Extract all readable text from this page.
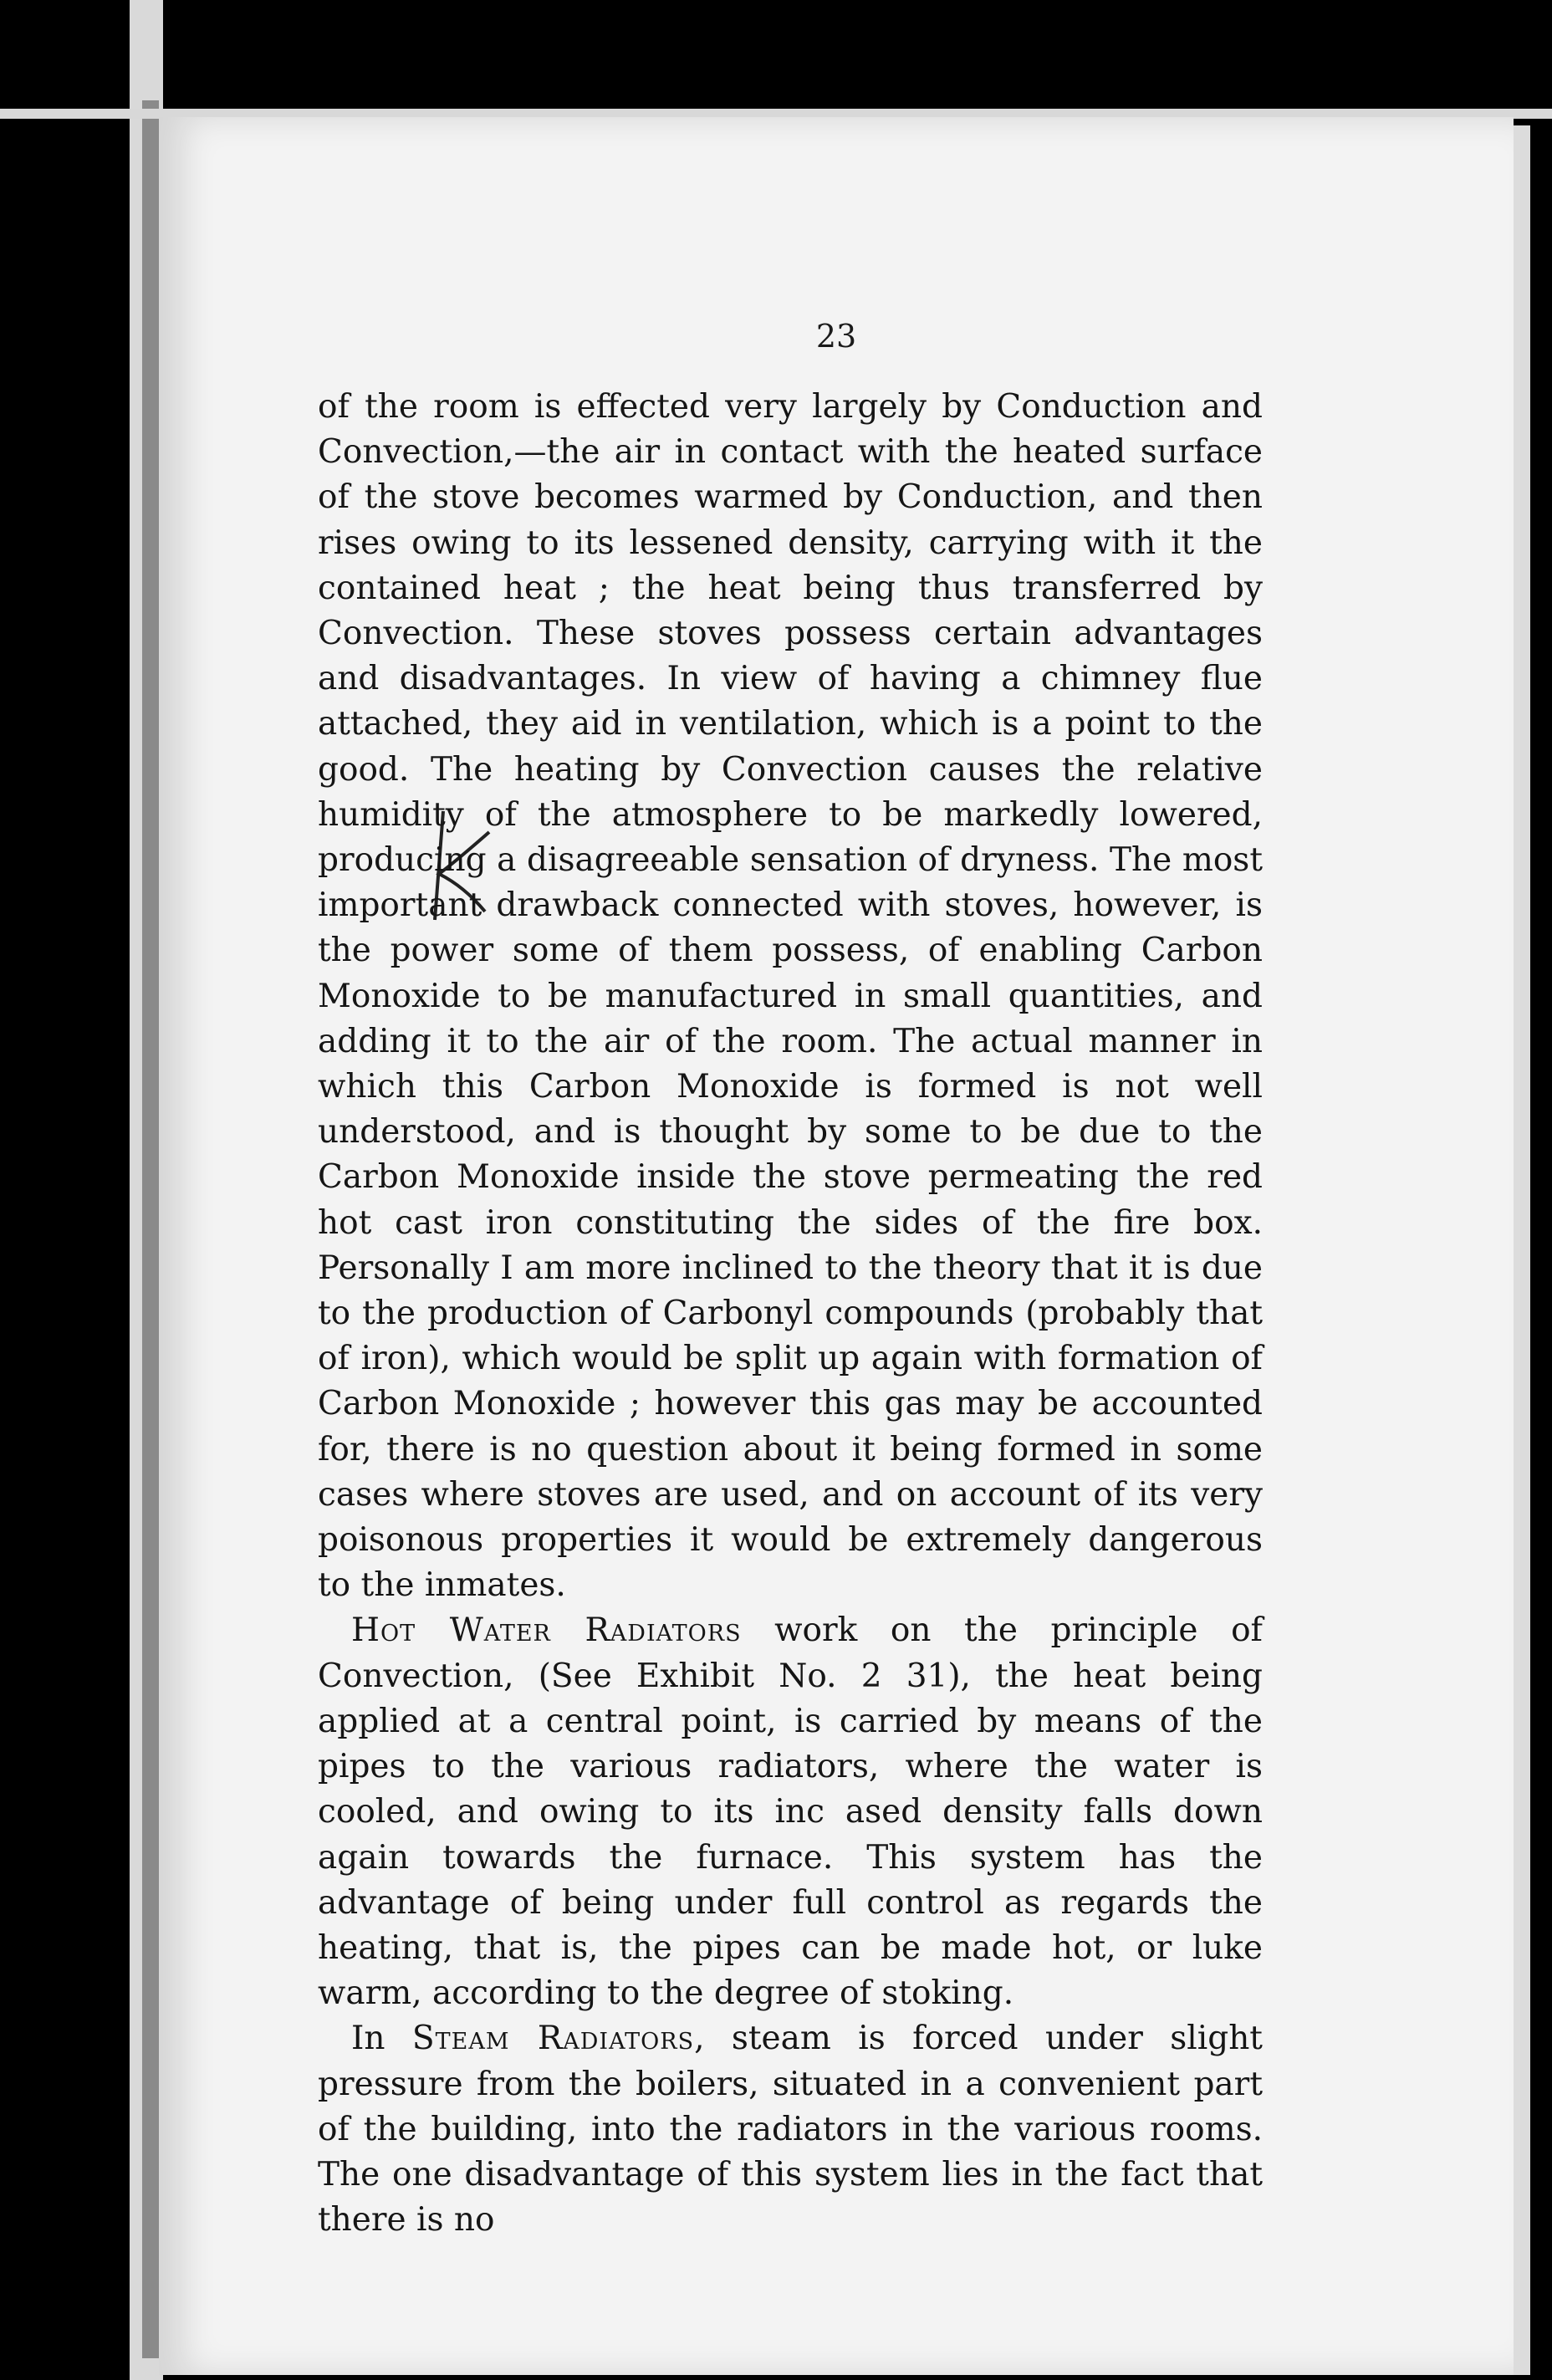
23

of the room is effected very largely by Conduction and Convection,—the air in contact with the heated surface of the stove becomes warmed by Conduction, and then rises owing to its lessened density, carrying with it the contained heat ; the heat being thus transferred by Convection. These stoves possess certain advantages and disadvantages. In view of having a chimney flue attached, they aid in ventilation, which is a point to the good. The heating by Convection causes the relative humidity of the atmosphere to be markedly lowered, producing a disagreeable sensation of dryness. The most important drawback connected with stoves, however, is the power some of them possess, of enabling Carbon Monoxide to be manufactured in small quantities, and adding it to the air of the room. The actual manner in which this Carbon Monoxide is formed is not well understood, and is thought by some to be due to the Carbon Monoxide inside the stove permeating the red hot cast iron constituting the sides of the fire box. Personally I am more inclined to the theory that it is due to the production of Carbonyl compounds (probably that of iron), which would be split up again with formation of Carbon Monoxide ; however this gas may be accounted for, there is no question about it being formed in some cases where stoves are used, and on account of its very poisonous properties it would be extremely dangerous to the inmates.

Hot Water Radiators work on the principle of Convection, (See Exhibit No. 2 31), the heat being applied at a central point, is carried by means of the pipes to the various radiators, where the water is cooled, and owing to its inc ased density falls down again towards the furnace. This system has the advantage of being under full control as regards the heating, that is, the pipes can be made hot, or luke warm, according to the degree of stoking.

In Steam Radiators, steam is forced under slight pressure from the boilers, situated in a convenient part of the building, into the radiators in the various rooms. The one disadvantage of this system lies in the fact that there is no
